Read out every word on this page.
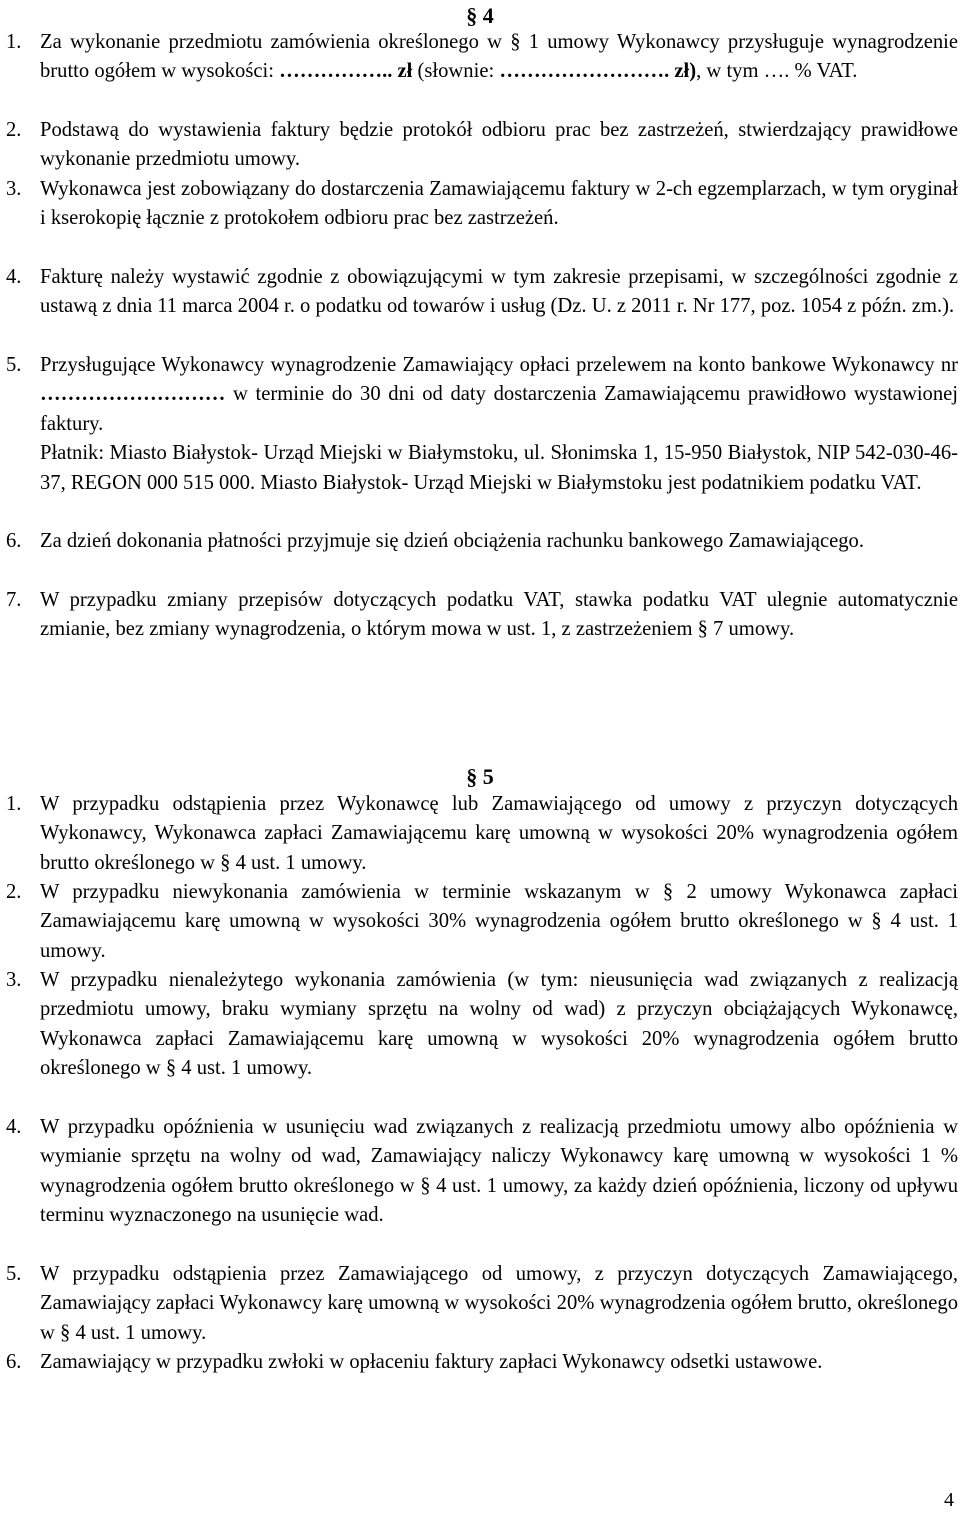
§ 4
1. Za wykonanie przedmiotu zamówienia określonego w § 1 umowy Wykonawcy przysługuje wynagrodzenie brutto ogółem w wysokości: …………….. zł (słownie: ……………………. zł), w tym …. % VAT.
2. Podstawą do wystawienia faktury będzie protokół odbioru prac bez zastrzeżeń, stwierdzający prawidłowe wykonanie przedmiotu umowy.
3. Wykonawca jest zobowiązany do dostarczenia Zamawiającemu faktury w 2-ch egzemplarzach, w tym oryginał i kserokopię łącznie z protokołem odbioru prac bez zastrzeżeń.
4. Fakturę należy wystawić zgodnie z obowiązującymi w tym zakresie przepisami, w szczególności zgodnie z ustawą z dnia 11 marca 2004 r. o podatku od towarów i usług (Dz. U. z 2011 r. Nr 177, poz. 1054 z późn. zm.).
5. Przysługujące Wykonawcy wynagrodzenie Zamawiający opłaci przelewem na konto bankowe Wykonawcy nr ……………………… w terminie do 30 dni od daty dostarczenia Zamawiającemu prawidłowo wystawionej faktury.

Płatnik: Miasto Białystok- Urząd Miejski w Białymstoku, ul. Słonimska 1, 15-950 Białystok, NIP 542-030-46-37, REGON 000 515 000. Miasto Białystok- Urząd Miejski w Białymstoku jest podatnikiem podatku VAT.

6. Za dzień dokonania płatności przyjmuje się dzień obciążenia rachunku bankowego Zamawiającego.
7. W przypadku zmiany przepisów dotyczących podatku VAT, stawka podatku VAT ulegnie automatycznie zmianie, bez zmiany wynagrodzenia, o którym mowa w ust. 1, z zastrzeżeniem § 7 umowy.
§ 5
1. W przypadku odstąpienia przez Wykonawcę lub Zamawiającego od umowy z przyczyn dotyczących Wykonawcy, Wykonawca zapłaci Zamawiającemu karę umowną w wysokości 20% wynagrodzenia ogółem brutto określonego w § 4 ust. 1 umowy.
2. W przypadku niewykonania zamówienia w terminie wskazanym w § 2 umowy Wykonawca zapłaci Zamawiającemu karę umowną w wysokości 30% wynagrodzenia ogółem brutto określonego w § 4 ust. 1 umowy.
3. W przypadku nienależytego wykonania zamówienia (w tym: nieusunięcia wad związanych z realizacją przedmiotu umowy, braku wymiany sprzętu na wolny od wad) z przyczyn obciążających Wykonawcę, Wykonawca zapłaci Zamawiającemu karę umowną w wysokości 20% wynagrodzenia ogółem brutto określonego w § 4 ust. 1 umowy.
4. W przypadku opóźnienia w usunięciu wad związanych z realizacją przedmiotu umowy albo opóźnienia w wymianie sprzętu na wolny od wad, Zamawiający naliczy Wykonawcy karę umowną w wysokości 1 % wynagrodzenia ogółem brutto określonego w § 4 ust. 1 umowy, za każdy dzień opóźnienia, liczony od upływu terminu wyznaczonego na usunięcie wad.
5. W przypadku odstąpienia przez Zamawiającego od umowy, z przyczyn dotyczących Zamawiającego, Zamawiający zapłaci Wykonawcy karę umowną w wysokości 20% wynagrodzenia ogółem brutto, określonego w § 4 ust. 1 umowy.
6. Zamawiający w przypadku zwłoki w opłaceniu faktury zapłaci Wykonawcy odsetki ustawowe.
4
